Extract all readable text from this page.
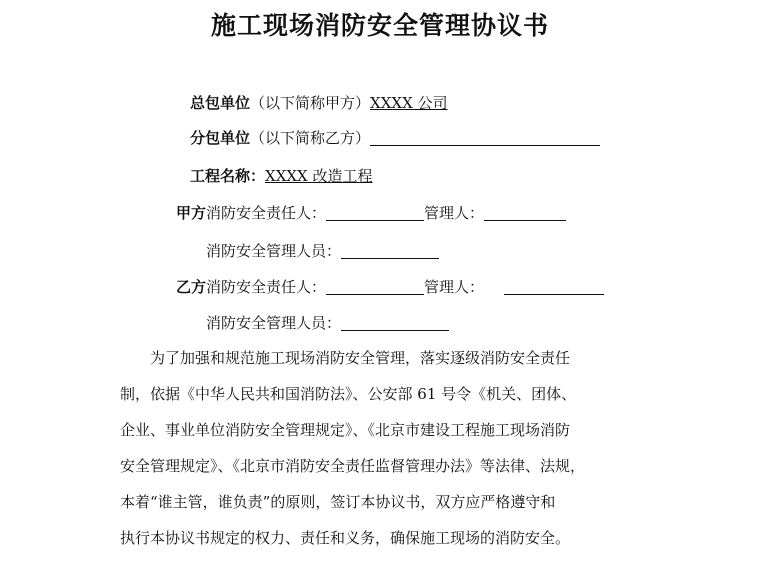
施工现场消防安全管理协议书
总包单位（以下简称甲方）XXXX 公司
分包单位（以下简称乙方）
工程名称：XXXX 改造工程
甲方消防安全责任人：	管理人：
消防安全管理人员：
乙方消防安全责任人：	管理人：
消防安全管理人员：
　　为了加强和规范施工现场消防安全管理，落实逐级消防安全责任
制，依据《中华人民共和国消防法》、公安部 61 号令《机关、团体、
企业、事业单位消防安全管理规定》、《北京市建设工程施工现场消防
安全管理规定》、《北京市消防安全责任监督管理办法》等法律、法规，
本着“谁主管，谁负责”的原则，签订本协议书，双方应严格遵守和
执行本协议书规定的权力、责任和义务，确保施工现场的消防安全。
